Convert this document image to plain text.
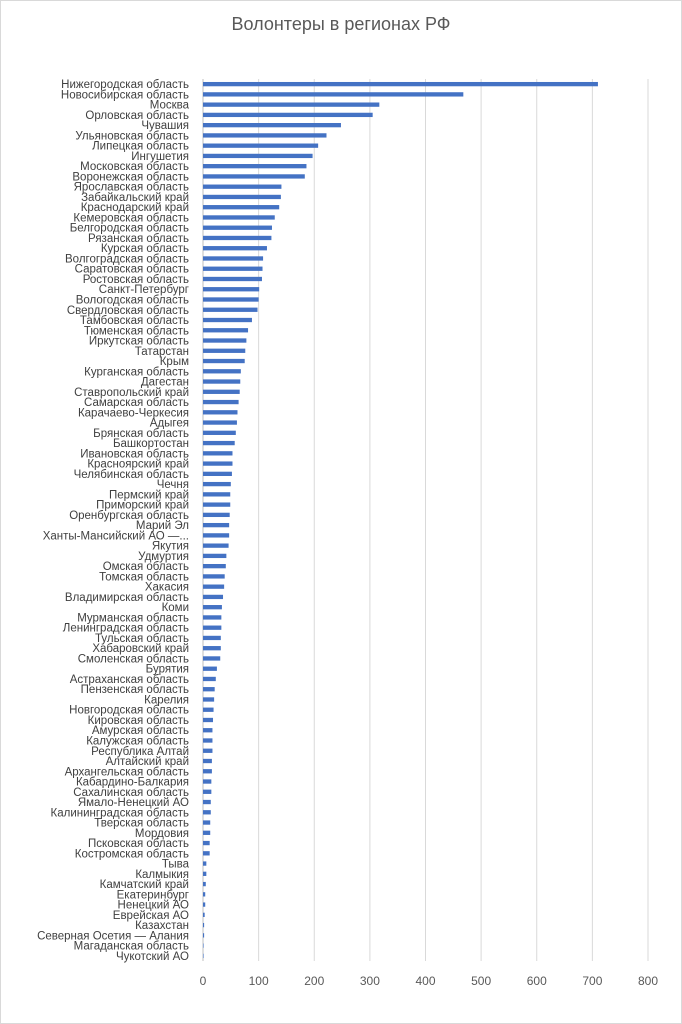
Волонтеры в регионах РФ
Нижегородская область
Новосибирская область
Москва
Орловская область
Чувашия
Ульяновская область
Липецкая область
Ингушетия
Московская область
Воронежская область
Ярославская область
Забайкальский край
Краснодарский край
Кемеровская область
Белгородская область
Рязанская область
Курская область
Волгоградская область
Саратовская область
Ростовская область
Санкт-Петербург
Вологодская область
Свердловская область
Тамбовская область
Тюменская область
Иркутская область
Татарстан
Крым
Курганская область
Дагестан
Ставропольский край
Самарская область
Карачаево-Черкесия
Адыгея
Брянская область
Башкортостан
Ивановская область
Красноярский край
Челябинская область
Чечня
Пермский край
Приморский край
Оренбургская область
Марий Эл
Ханты-Мансийский АО —...
Якутия
Удмуртия
Омская область
Томская область
Хакасия
Владимирская область
Коми
Мурманская область
Ленинградская область
Тульская область
Хабаровский край
Смоленская область
Бурятия
Астраханская область
Пензенская область
Карелия
Новгородская область
Кировская область
Амурская область
Калужская область
Республика Алтай
Алтайский край
Архангельская область
Кабардино-Балкария
Сахалинская область
Ямало-Ненецкий АО
Калининградская область
Тверская область
Мордовия
Псковская область
Костромская область
Тыва
Калмыкия
Камчатский край
Екатеринбург
Ненецкий АО
Еврейская АО
Казахстан
Северная Осетия — Алания
Магаданская область
Чукотский АО
0	100	200	300	400	500	600	700	800
